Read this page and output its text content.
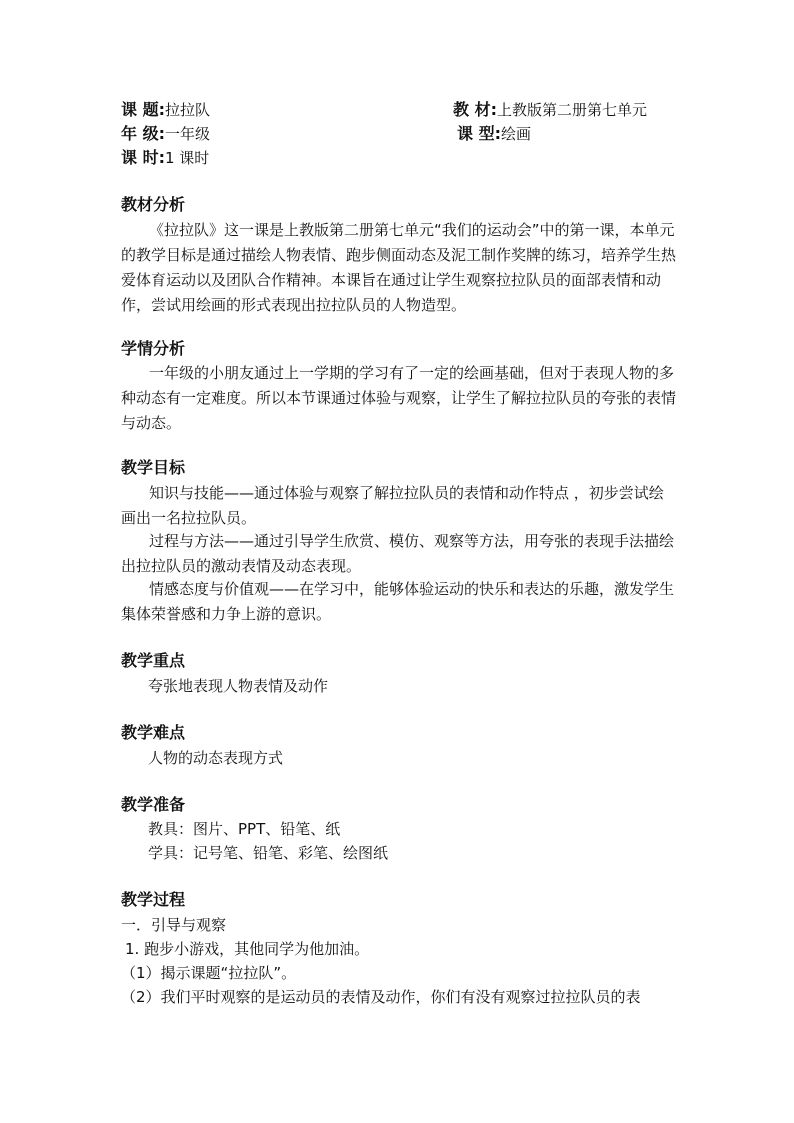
课 题:拉拉队	教 材:上教版第二册第七单元
年 级:一年级	课 型:绘画
课 时:1 课时
教材分析

《拉拉队》这一课是上教版第二册第七单元“我们的运动会”中的第一课，本单元的教学目标是通过描绘人物表情、跑步侧面动态及泥工制作奖牌的练习，培养学生热爱体育运动以及团队合作精神。本课旨在通过让学生观察拉拉队员的面部表情和动作，尝试用绘画的形式表现出拉拉队员的人物造型。

学情分析

一年级的小朋友通过上一学期的学习有了一定的绘画基础，但对于表现人物的多种动态有一定难度。所以本节课通过体验与观察，让学生了解拉拉队员的夸张的表情与动态。

教学目标

知识与技能——通过体验与观察了解拉拉队员的表情和动作特点 ，初步尝试绘画出一名拉拉队员。

过程与方法——通过引导学生欣赏、模仿、观察等方法，用夸张的表现手法描绘出拉拉队员的激动表情及动态表现。

情感态度与价值观——在学习中，能够体验运动的快乐和表达的乐趣，激发学生集体荣誉感和力争上游的意识。

教学重点
夸张地表现人物表情及动作
教学难点
人物的动态表现方式
教学准备
教具：图片、PPT、铅笔、纸
学具：记号笔、铅笔、彩笔、绘图纸
教学过程
一．引导与观察
1. 跑步小游戏，其他同学为他加油。
（1）揭示课题“拉拉队”。
（2）我们平时观察的是运动员的表情及动作，你们有没有观察过拉拉队员的表
